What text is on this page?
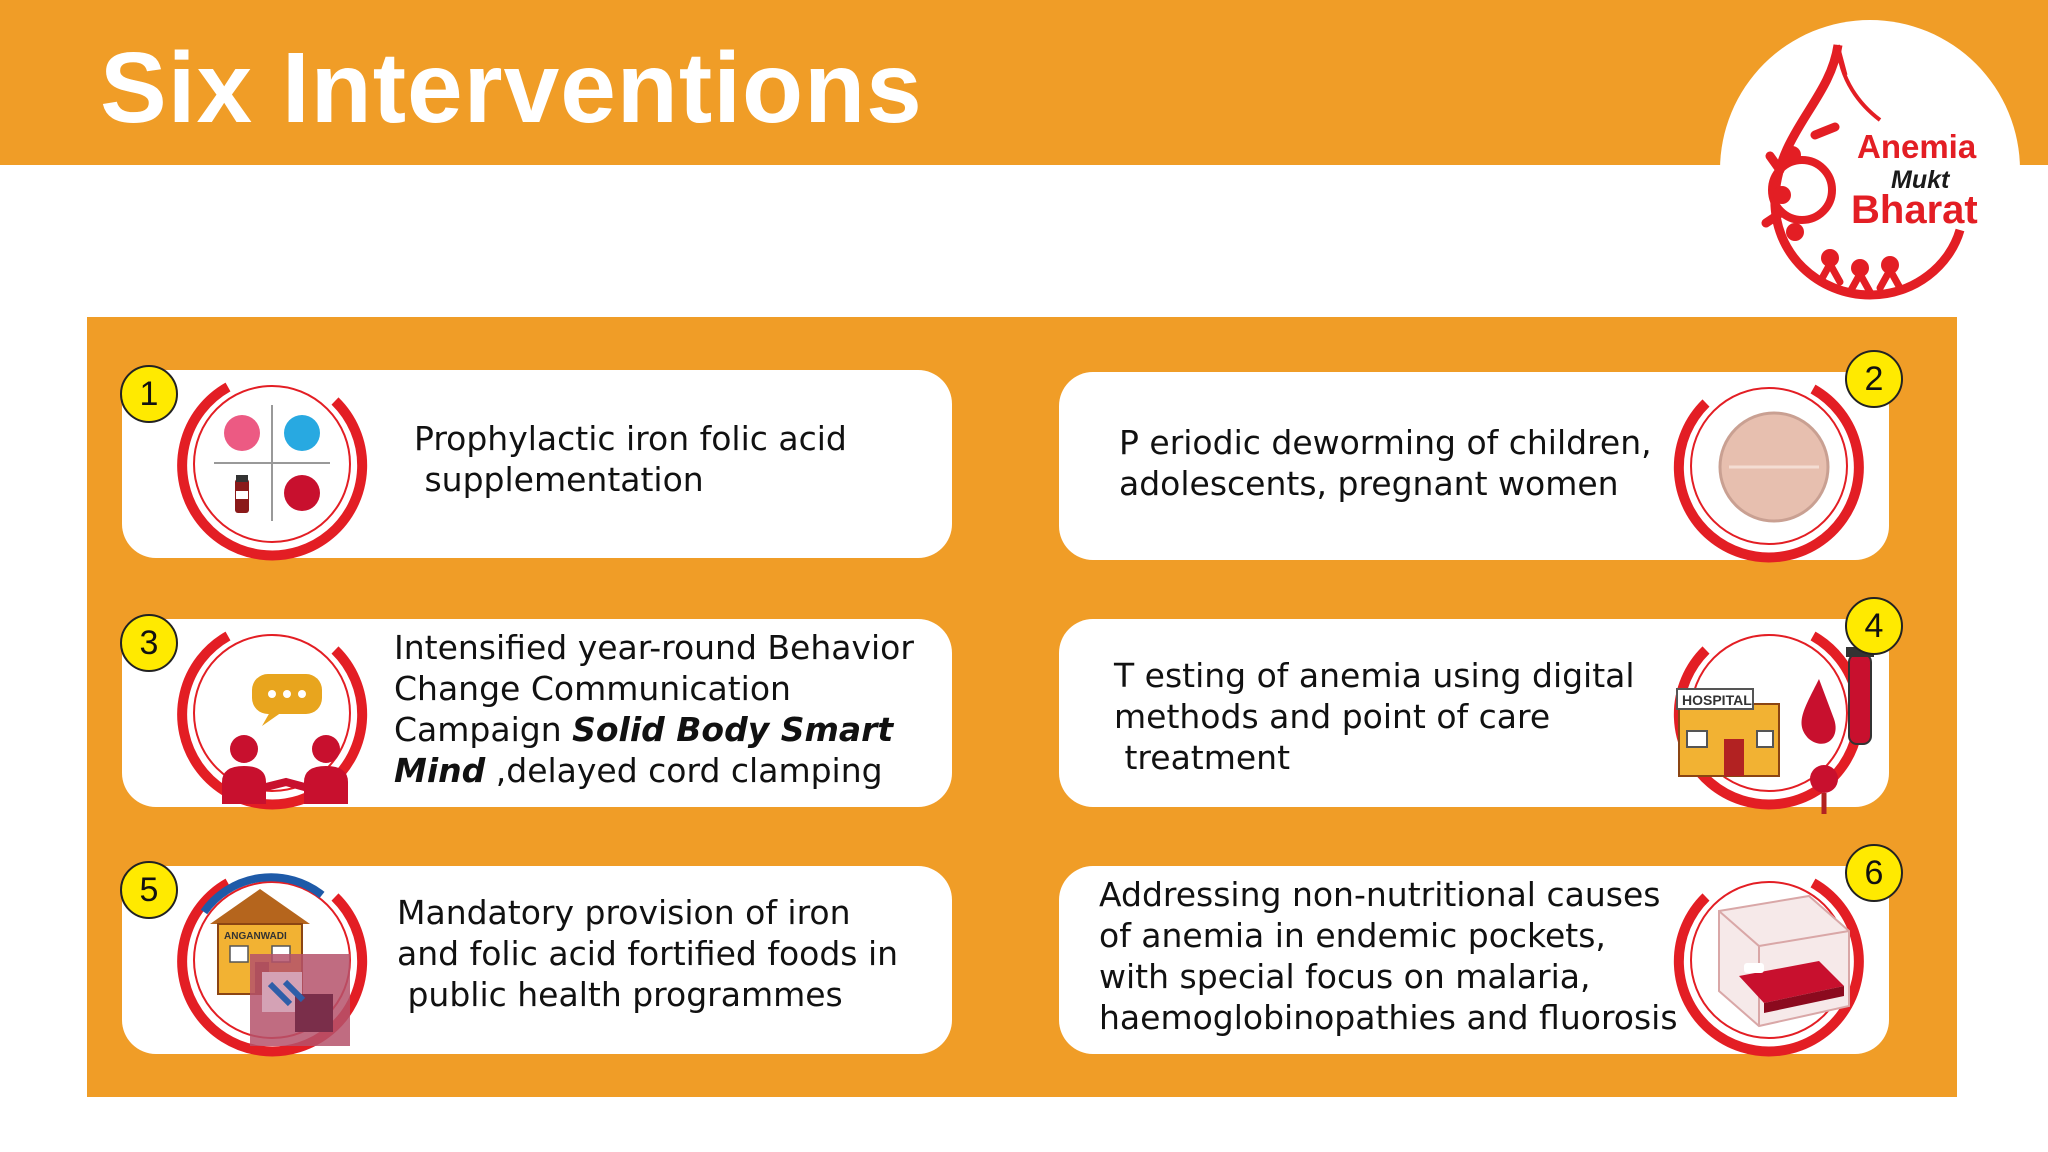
Six Interventions
Anemia
Mukt
Bharat
Prophylactic iron folic acid
supplementation
1
P eriodic deworming of children,
adolescents, pregnant women
2
Intensified year-round Behavior
Change Communication
Campaign Solid Body Smart
Mind ,delayed cord clamping
3
HOSPITAL
T esting of anemia using digital
methods and point of care
treatment
4
ANGANWADI
Mandatory provision of iron
and folic acid fortified foods in
public health programmes
5	Addressing non-nutritional causes
of anemia in endemic pockets,
with special focus on malaria,
haemoglobinopathies and fluorosis
6
